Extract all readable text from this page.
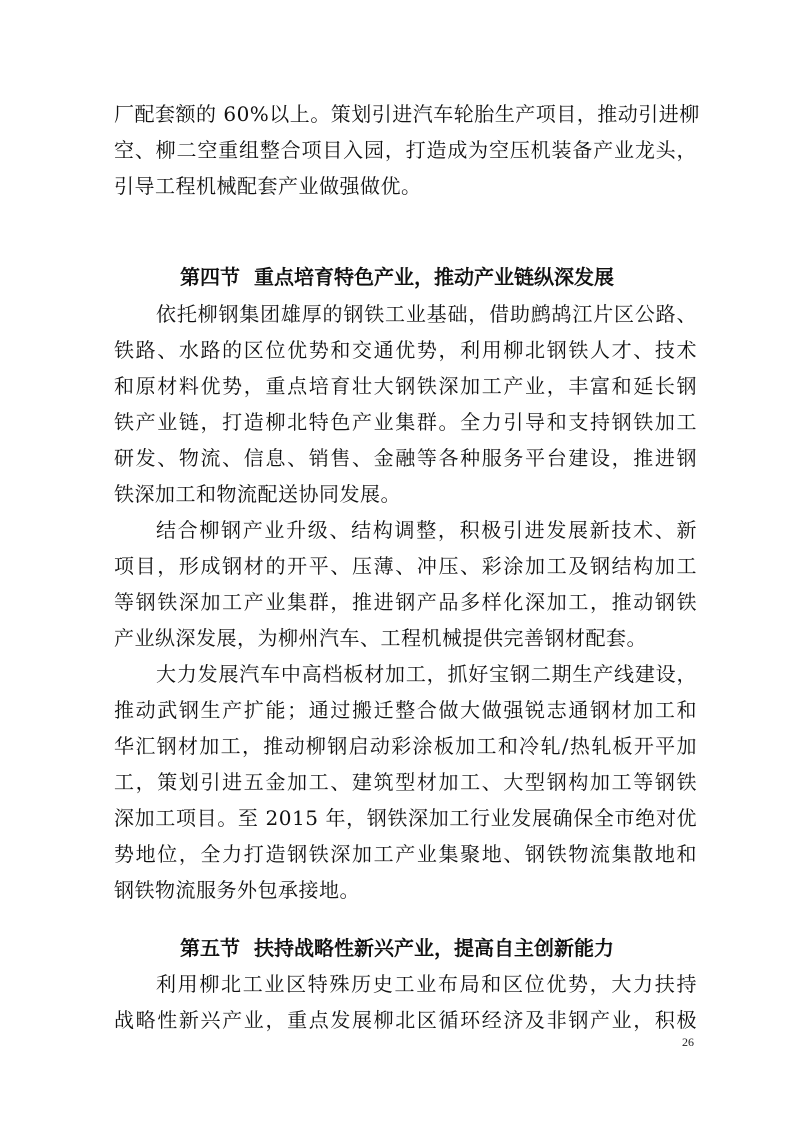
厂配套额的 60%以上。策划引进汽车轮胎生产项目，推动引进柳
空、柳二空重组整合项目入园，打造成为空压机装备产业龙头，
引导工程机械配套产业做强做优。

第四节 重点培育特色产业，推动产业链纵深发展

依托柳钢集团雄厚的钢铁工业基础，借助鹧鸪江片区公路、
铁路、水路的区位优势和交通优势，利用柳北钢铁人才、技术
和原材料优势，重点培育壮大钢铁深加工产业，丰富和延长钢
铁产业链，打造柳北特色产业集群。全力引导和支持钢铁加工
研发、物流、信息、销售、金融等各种服务平台建设，推进钢
铁深加工和物流配送协同发展。

结合柳钢产业升级、结构调整，积极引进发展新技术、新
项目，形成钢材的开平、压薄、冲压、彩涂加工及钢结构加工
等钢铁深加工产业集群，推进钢产品多样化深加工，推动钢铁
产业纵深发展，为柳州汽车、工程机械提供完善钢材配套。

大力发展汽车中高档板材加工，抓好宝钢二期生产线建设，
推动武钢生产扩能；通过搬迁整合做大做强锐志通钢材加工和
华汇钢材加工，推动柳钢启动彩涂板加工和冷轧/热轧板开平加
工，策划引进五金加工、建筑型材加工、大型钢构加工等钢铁
深加工项目。至 2015 年，钢铁深加工行业发展确保全市绝对优
势地位，全力打造钢铁深加工产业集聚地、钢铁物流集散地和
钢铁物流服务外包承接地。

第五节 扶持战略性新兴产业，提高自主创新能力

利用柳北工业区特殊历史工业布局和区位优势，大力扶持
战略性新兴产业，重点发展柳北区循环经济及非钢产业，积极

26
